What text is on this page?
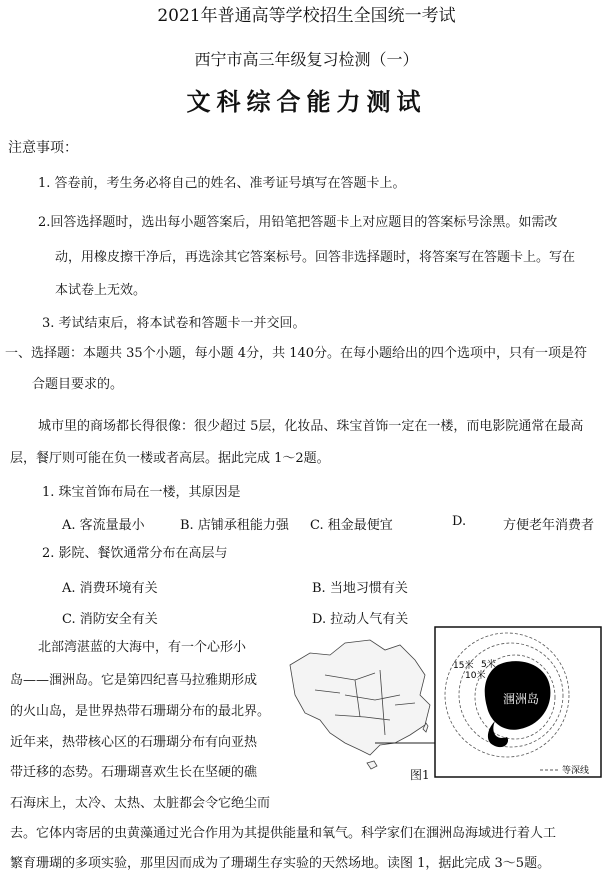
2021年普通高等学校招生全国统一考试
西宁市高三年级复习检测（一）
文科综合能力测试
注意事项：
1. 答卷前，考生务必将自己的姓名、准考证号填写在答题卡上。
2.回答选择题时，选出每小题答案后，用铅笔把答题卡上对应题目的答案标号涂黑。如需改
动，用橡皮擦干净后，再选涂其它答案标号。回答非选择题时，将答案写在答题卡上。写在
本试卷上无效。
3. 考试结束后，将本试卷和答题卡一并交回。
一、选择题：本题共 35个小题，每小题 4分，共 140分。在每小题给出的四个选项中，只有一项是符
合题目要求的。
城市里的商场都长得很像：很少超过 5层，化妆品、珠宝首饰一定在一楼，而电影院通常在最高
层，餐厅则可能在负一楼或者高层。据此完成 1～2题。
1. 珠宝首饰布局在一楼，其原因是
A. 客流量最小	B. 店铺承租能力强 C. 租金最便宜	D.	方便老年消费者
2. 影院、餐饮通常分布在高层与
A. 消费环境有关	B. 当地习惯有关
C. 消防安全有关	D. 拉动人气有关
北部湾湛蓝的大海中，有一个心形小
岛——涠洲岛。它是第四纪喜马拉雅期形成
的火山岛，是世界热带石珊瑚分布的最北界。
近年来，热带核心区的石珊瑚分布有向亚热
带迁移的态势。石珊瑚喜欢生长在坚硬的礁
石海床上，太冷、太热、太脏都会令它绝尘而
去。它体内寄居的虫黄藻通过光合作用为其提供能量和氧气。科学家们在涠洲岛海域进行着人工
繁育珊瑚的多项实验，那里因而成为了珊瑚生存实验的天然场地。读图 1，据此完成 3～5题。
涠洲岛
15米
10米
5米
等深线
图1
